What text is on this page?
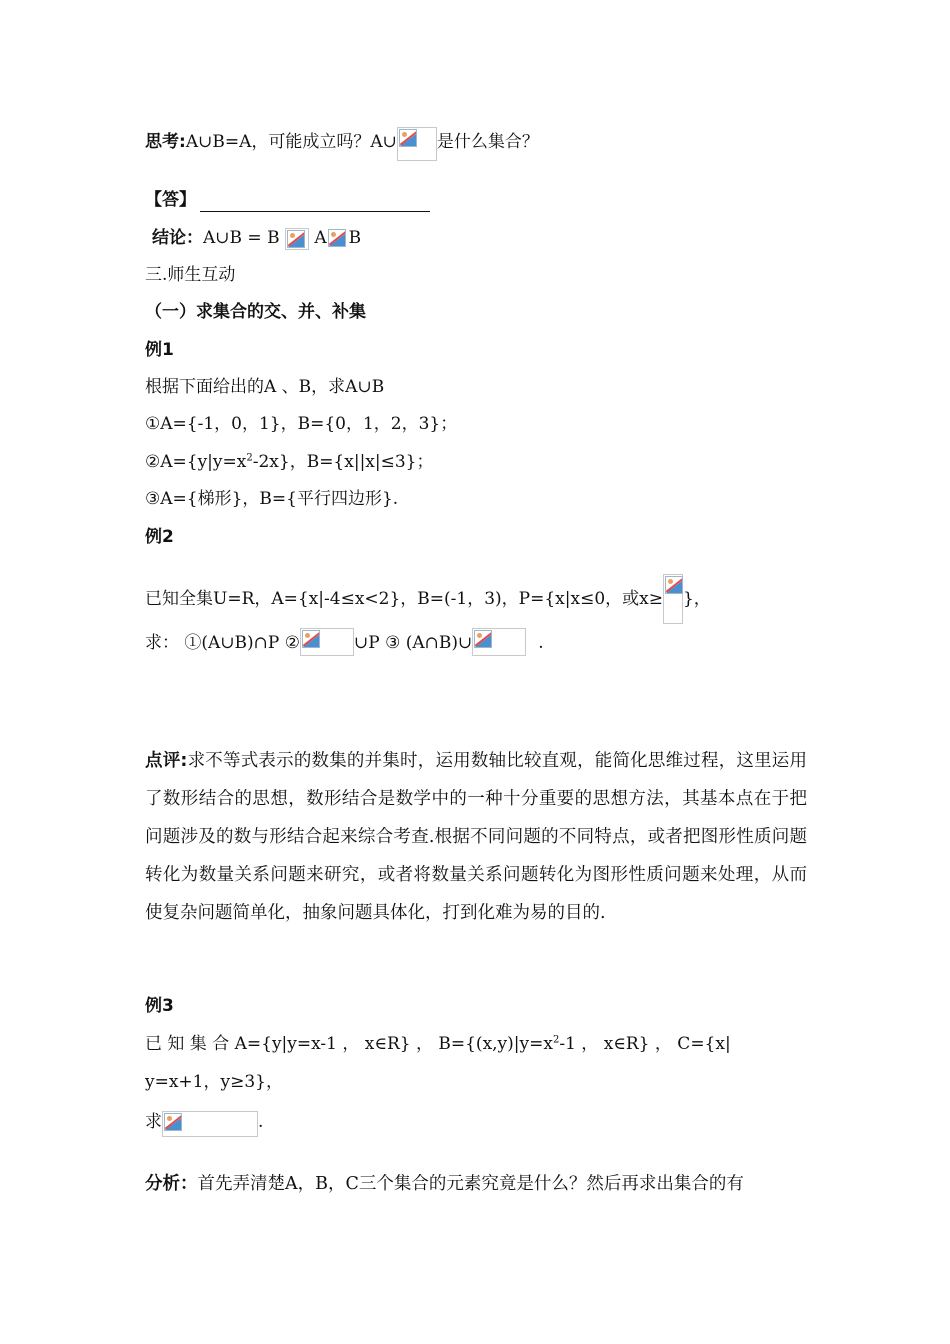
思考:A∪B=A，可能成立吗？A∪ 是什么集合？
【答】
结论：A∪B = B A B
三.师生互动
（一）求集合的交、并、补集
例1
根据下面给出的A 、B，求A∪B
①A={-1，0，1}，B={0，1，2，3}；
$②A=\{y|y=x^2-2x\}$，B={x||x|≤3}；
③A={梯形}，B={平行四边形}.
例2
已知全集U=R，A={x|-4≤x<2}，B=(-1，3)，P={x|x≤0，或x≥ }，
求： ①(A∪B)∩P ②	∪P ③ (A∩B)∪	.
点评:求不等式表示的数集的并集时，运用数轴比较直观，能简化思维过程，这里运用了数形结合的思想，数形结合是数学中的一种十分重要的思想方法，其基本点在于把问题涉及的数与形结合起来综合考查.根据不同问题的不同特点，或者把图形性质问题转化为数量关系问题来研究，或者将数量关系问题转化为图形性质问题来处理，从而使复杂问题简单化，抽象问题具体化，打到化难为易的目的.
例3
已 知 集 合 A={y|y=x-1 ， x∈R} ， $B=\{(x,y)|y=x^2-1$ ， x∈R} ， C={x|
y=x+1，y≥3}，
求	.
分析：首先弄清楚A，B，C三个集合的元素究竟是什么？然后再求出集合的有
